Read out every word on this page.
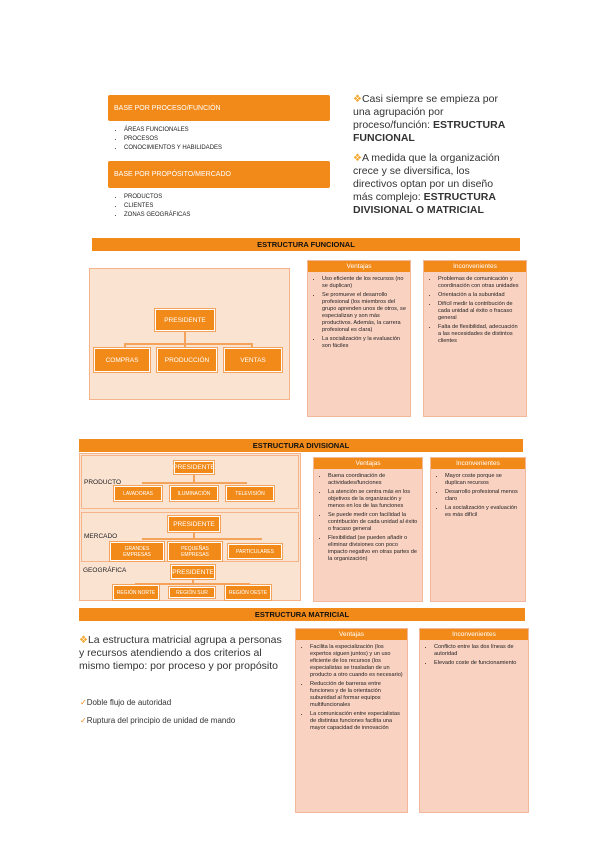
BASE POR PROCESO/FUNCIÓN
• ÁREAS FUNCIONALES
• PROCESOS
• CONOCIMIENTOS Y HABILIDADES
BASE POR PROPÓSITO/MERCADO
• PRODUCTOS
• CLIENTES
• ZONAS GEOGRÁFICAS
❖Casi siempre se empieza por una agrupación por proceso/función: ESTRUCTURA FUNCIONAL
❖A medida que la organización crece y se diversifica, los directivos optan por un diseño más complejo: ESTRUCTURA DIVISIONAL O MATRICIAL
ESTRUCTURA FUNCIONAL
PRESIDENTE
COMPRAS	PRODUCCIÓN	VENTAS
Ventajas
• Uso eficiente de los recursos (no se duplican)
• Se promueve el desarrollo profesional (los miembros del grupo aprenden unos de otros, se especializan y son más productivos. Además, la carrera profesional es clara)
• La socialización y la evaluación son fáciles
Inconvenientes
• Problemas de comunicación y coordinación con otras unidades
• Orientación a la subunidad
• Difícil medir la contribución de cada unidad al éxito o fracaso general
• Falta de flexibilidad, adecuación a las necesidades de distintos clientes
ESTRUCTURA DIVISIONAL
PRODUCTO
PRESIDENTE
LAVADORAS	ILUMINACIÓN	TELEVISIÓN
MERCADO
PRESIDENTE
GRANDES EMPRESAS
PEQUEÑAS EMPRESAS	PARTICULARES
GEOGRÁFICA	PRESIDENTE
REGIÓN NORTE	REGIÓN SUR	REGIÓN OESTE
Ventajas
• Buena coordinación de actividades/funciones
• La atención se centra más en los objetivos de la organización y menos en los de las funciones
• Se puede medir con facilidad la contribución de cada unidad al éxito o fracaso general
• Flexibilidad (se pueden añadir o eliminar divisiones con poco impacto negativo en otras partes de la organización)
Inconvenientes
• Mayor coste porque se duplican recursos
• Desarrollo profesional menos claro
• La socialización y evaluación es más difícil
ESTRUCTURA MATRICIAL
❖La estructura matricial agrupa a personas y recursos atendiendo a dos criterios al mismo tiempo: por proceso y por propósito
✓Doble flujo de autoridad
✓Ruptura del principio de unidad de mando
Ventajas
• Facilita la especialización (los expertos siguen juntos) y un uso eficiente de los recursos (los especialistas se trasladan de un producto a otro cuando es necesario)
• Reducción de barreras entre funciones y de la orientación subunidad al formar equipos multifuncionales
• La comunicación entre especialistas de distintas funciones facilita una mayor capacidad de innovación
Inconvenientes
• Conflicto entre las dos líneas de autoridad
• Elevado coste de funcionamiento
